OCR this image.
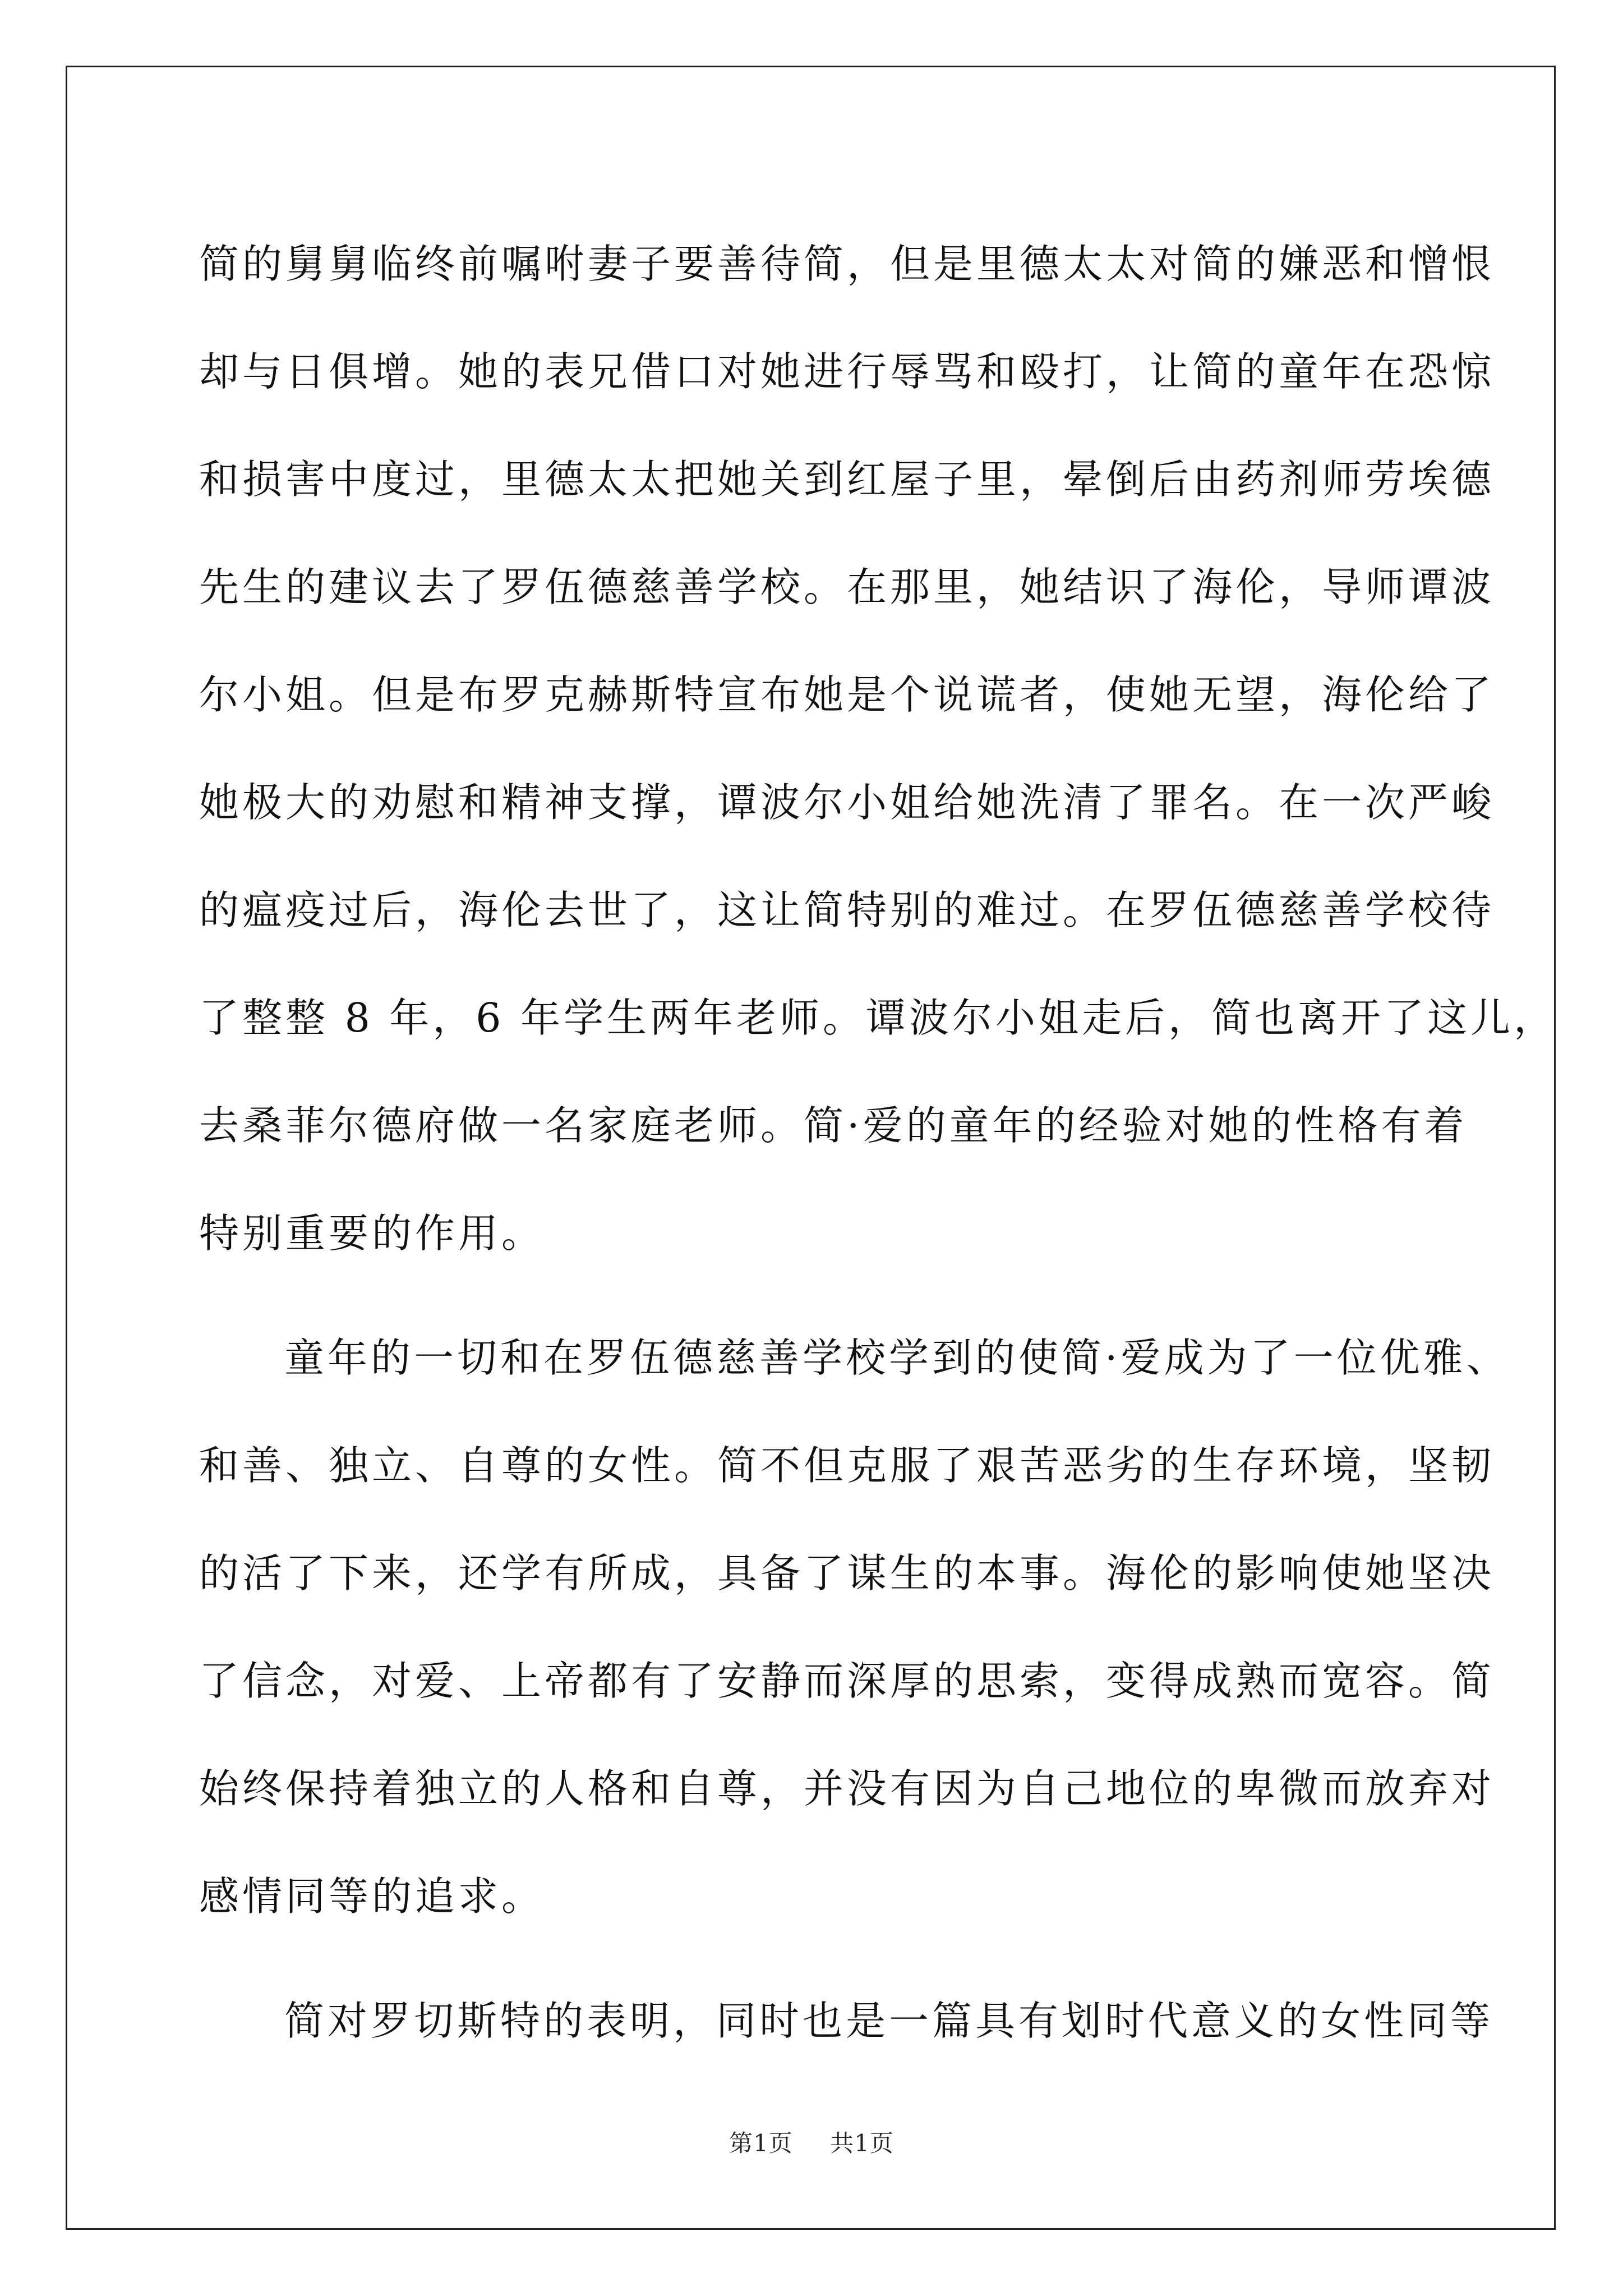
简的舅舅临终前嘱咐妻子要善待简，但是里德太太对简的嫌恶和憎恨
却与日俱增。她的表兄借口对她进行辱骂和殴打，让简的童年在恐惊
和损害中度过，里德太太把她关到红屋子里，晕倒后由药剂师劳埃德
先生的建议去了罗伍德慈善学校。在那里，她结识了海伦，导师谭波
尔小姐。但是布罗克赫斯特宣布她是个说谎者，使她无望，海伦给了
她极大的劝慰和精神支撑，谭波尔小姐给她洗清了罪名。在一次严峻
的瘟疫过后，海伦去世了，这让简特别的难过。在罗伍德慈善学校待
了整整 8 年，6 年学生两年老师。谭波尔小姐走后，简也离开了这儿，
去桑菲尔德府做一名家庭老师。简·爱的童年的经验对她的性格有着
特别重要的作用。
童年的一切和在罗伍德慈善学校学到的使简·爱成为了一位优雅、
和善、独立、自尊的女性。简不但克服了艰苦恶劣的生存环境，坚韧
的活了下来，还学有所成，具备了谋生的本事。海伦的影响使她坚决
了信念，对爱、上帝都有了安静而深厚的思索，变得成熟而宽容。简
始终保持着独立的人格和自尊，并没有因为自己地位的卑微而放弃对
感情同等的追求。
简对罗切斯特的表明，同时也是一篇具有划时代意义的女性同等
第1页 共1页
